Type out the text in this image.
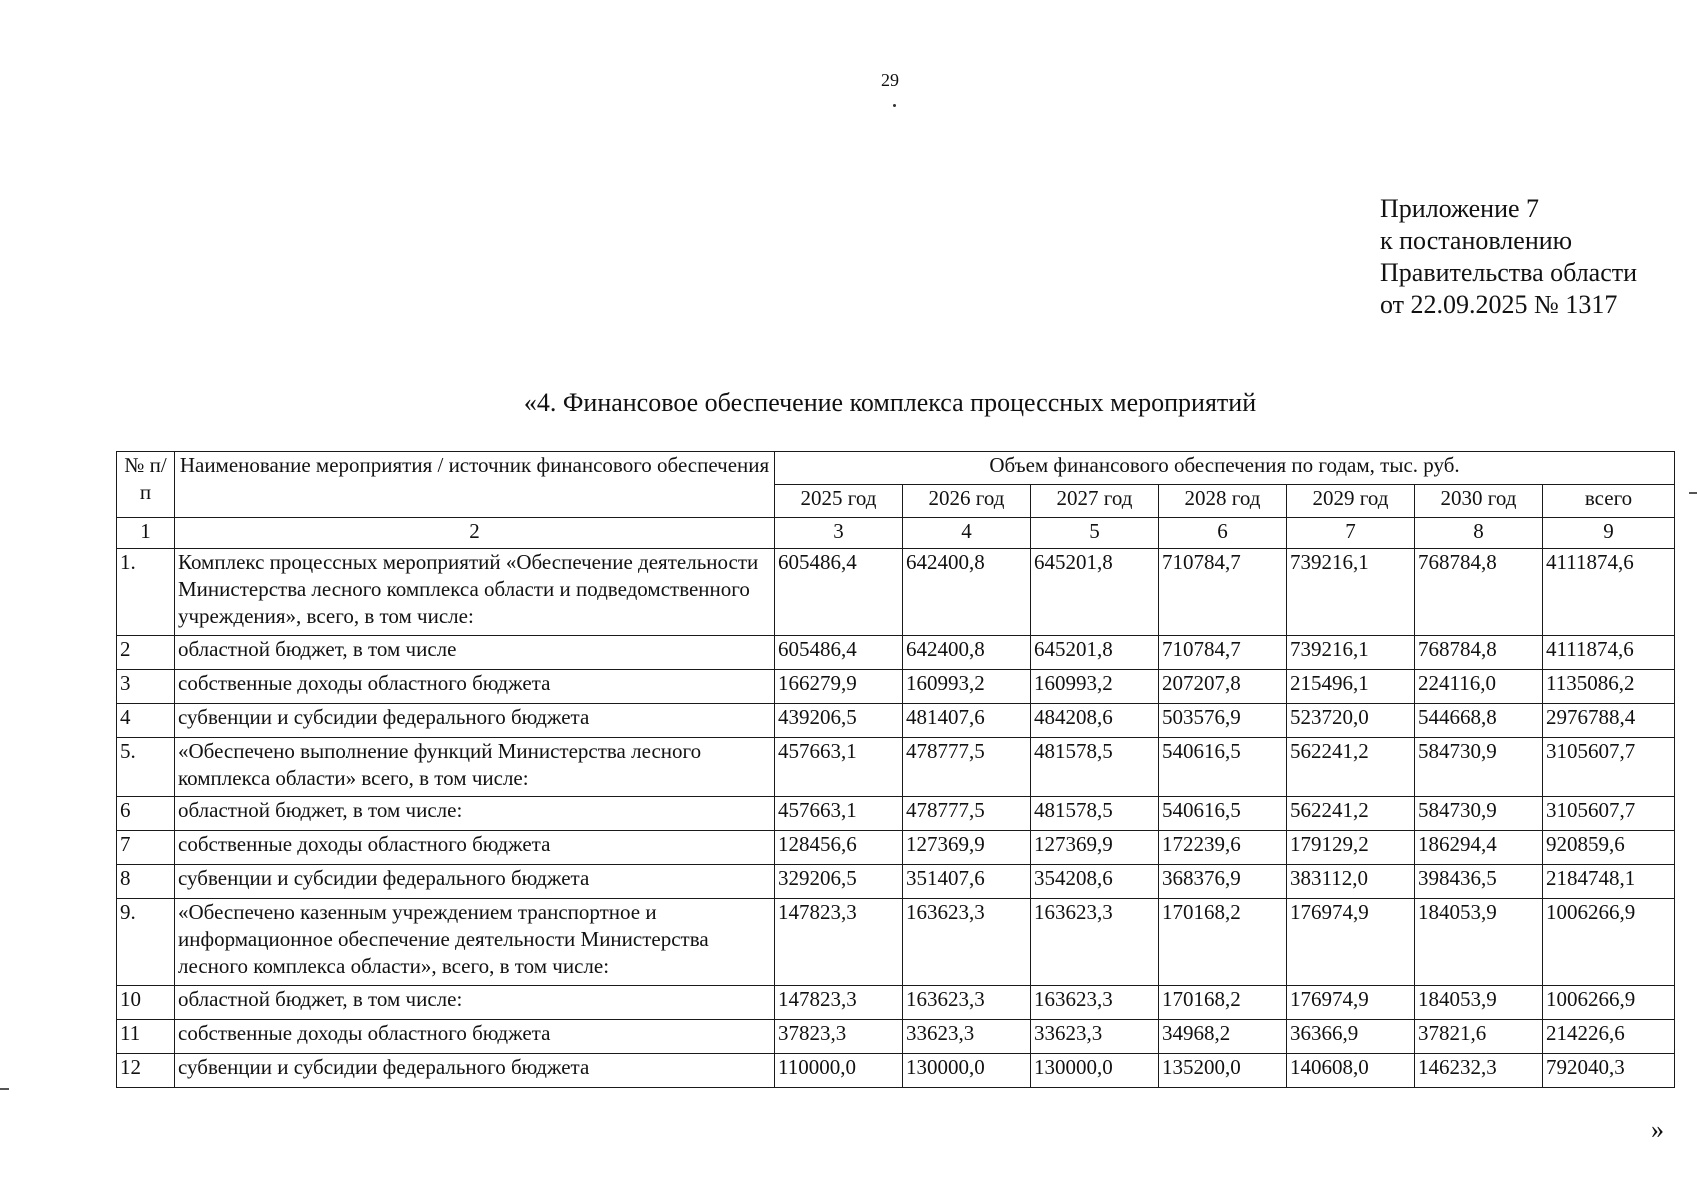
29
Приложение 7
к постановлению
Правительства области
от 22.09.2025 № 1317
«4. Финансовое обеспечение комплекса процессных мероприятий
№ п/п	Наименование мероприятия / источник финансового обеспечения	Объем финансового обеспечения по годам, тыс. руб.						
		2025 год	2026 год	2027 год	2028 год	2029 год	2030 год	всего
1	2	3	4	5	6	7	8	9
1.	Комплекс процессных мероприятий «Обеспечение деятельности Министерства лесного комплекса области и подведомственного учреждения», всего, в том числе:	605486,4	642400,8	645201,8	710784,7	739216,1	768784,8	4111874,6
2	областной бюджет, в том числе	605486,4	642400,8	645201,8	710784,7	739216,1	768784,8	4111874,6
3	собственные доходы областного бюджета	166279,9	160993,2	160993,2	207207,8	215496,1	224116,0	1135086,2
4	субвенции и субсидии федерального бюджета	439206,5	481407,6	484208,6	503576,9	523720,0	544668,8	2976788,4
5.	«Обеспечено выполнение функций Министерства лесного комплекса области» всего, в том числе:	457663,1	478777,5	481578,5	540616,5	562241,2	584730,9	3105607,7
6	областной бюджет, в том числе:	457663,1	478777,5	481578,5	540616,5	562241,2	584730,9	3105607,7
7	собственные доходы областного бюджета	128456,6	127369,9	127369,9	172239,6	179129,2	186294,4	920859,6
8	субвенции и субсидии федерального бюджета	329206,5	351407,6	354208,6	368376,9	383112,0	398436,5	2184748,1
9.	«Обеспечено казенным учреждением транспортное и информационное обеспечение деятельности Министерства лесного комплекса области», всего, в том числе:	147823,3	163623,3	163623,3	170168,2	176974,9	184053,9	1006266,9
10	областной бюджет, в том числе:	147823,3	163623,3	163623,3	170168,2	176974,9	184053,9	1006266,9
11	собственные доходы областного бюджета	37823,3	33623,3	33623,3	34968,2	36366,9	37821,6	214226,6
12	субвенции и субсидии федерального бюджета	110000,0	130000,0	130000,0	135200,0	140608,0	146232,3	792040,3
»
